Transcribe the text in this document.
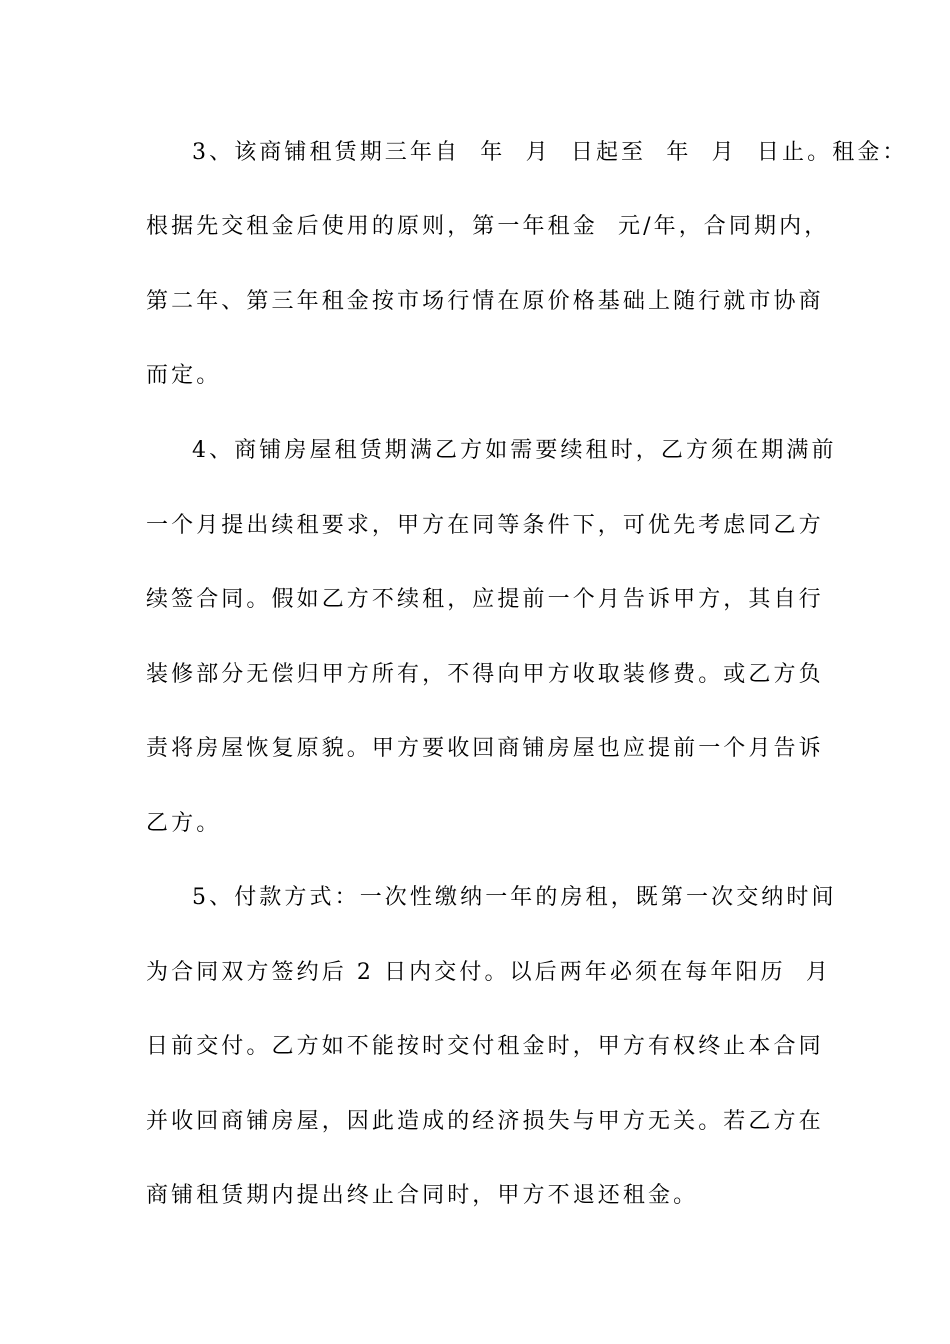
3、该商铺租赁期三年自  年  月  日起至  年  月  日止。租金：
根据先交租金后使用的原则，第一年租金  元/年，合同期内，
第二年、第三年租金按市场行情在原价格基础上随行就市协商
而定。
4、商铺房屋租赁期满乙方如需要续租时，乙方须在期满前
一个月提出续租要求，甲方在同等条件下，可优先考虑同乙方
续签合同。假如乙方不续租，应提前一个月告诉甲方，其自行
装修部分无偿归甲方所有，不得向甲方收取装修费。或乙方负
责将房屋恢复原貌。甲方要收回商铺房屋也应提前一个月告诉
乙方。
5、付款方式：一次性缴纳一年的房租，既第一次交纳时间
为合同双方签约后 2 日内交付。以后两年必须在每年阳历  月
日前交付。乙方如不能按时交付租金时，甲方有权终止本合同
并收回商铺房屋，因此造成的经济损失与甲方无关。若乙方在
商铺租赁期内提出终止合同时，甲方不退还租金。
